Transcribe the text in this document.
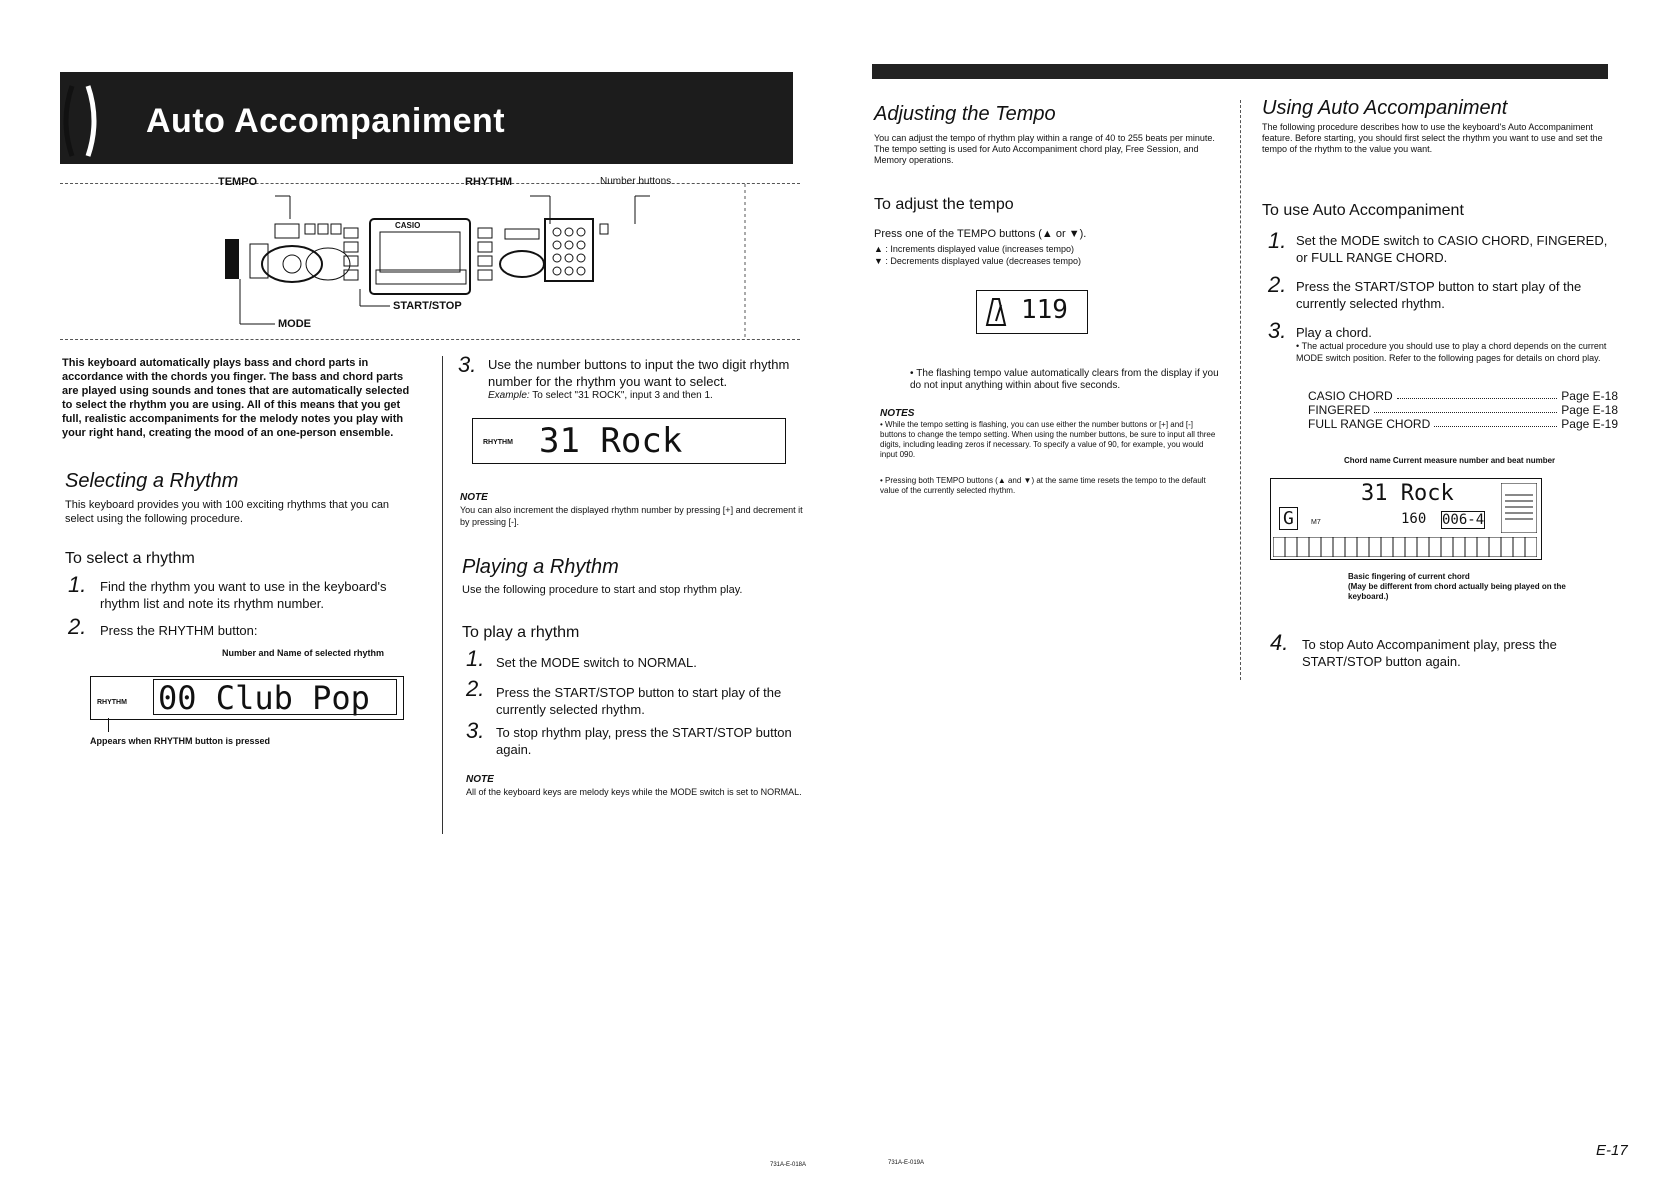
Auto Accompaniment
TEMPO	RHYTHM	Number buttons
START/STOP
MODE
CASIO
This keyboard automatically plays bass and chord parts in accordance with the chords you finger. The bass and chord parts are played using sounds and tones that are automatically selected to select the rhythm you are using. All of this means that you get full, realistic accompaniments for the melody notes you play with your right hand, creating the mood of an one-person ensemble.
Selecting a Rhythm
This keyboard provides you with 100 exciting rhythms that you can select using the following procedure.
To select a rhythm
1. Find the rhythm you want to use in the keyboard's rhythm list and note its rhythm number.
2. Press the RHYTHM button:
Number and Name of selected rhythm
RHYTHM 00 Club Pop
Appears when RHYTHM button is pressed
3. Use the number buttons to input the two digit rhythm number for the rhythm you want to select.
Example: To select "31 ROCK", input 3 and then 1.
RHYTHM 31 Rock
NOTE
You can also increment the displayed rhythm number by pressing [+] and decrement it by pressing [-].
Playing a Rhythm
Use the following procedure to start and stop rhythm play.
To play a rhythm
1. Set the MODE switch to NORMAL.
2. Press the START/STOP button to start play of the currently selected rhythm.
3. To stop rhythm play, press the START/STOP button again.
NOTE
All of the keyboard keys are melody keys while the MODE switch is set to NORMAL.
731A-E-018A
Adjusting the Tempo
You can adjust the tempo of rhythm play within a range of 40 to 255 beats per minute. The tempo setting is used for Auto Accompaniment chord play, Free Session, and Memory operations.
To adjust the tempo
Press one of the TEMPO buttons (▲ or ▼).
▲ : Increments displayed value (increases tempo)
▼ : Decrements displayed value (decreases tempo)
119
• The flashing tempo value automatically clears from the display if you do not input anything within about five seconds.
NOTES
• While the tempo setting is flashing, you can use either the number buttons or [+] and [-] buttons to change the tempo setting. When using the number buttons, be sure to input all three digits, including leading zeros if necessary. To specify a value of 90, for example, you would input 090.
• Pressing both TEMPO buttons (▲ and ▼) at the same time resets the tempo to the default value of the currently selected rhythm.
Using Auto Accompaniment
The following procedure describes how to use the keyboard's Auto Accompaniment feature. Before starting, you should first select the rhythm you want to use and set the tempo of the rhythm to the value you want.
To use Auto Accompaniment
1. Set the MODE switch to CASIO CHORD, FINGERED, or FULL RANGE CHORD.
2. Press the START/STOP button to start play of the currently selected rhythm.
3. Play a chord.
• The actual procedure you should use to play a chord depends on the current MODE switch position. Refer to the following pages for details on chord play.
CASIO CHORD	Page E-18
FINGERED	Page E-18
FULL RANGE CHORD	Page E-19
Chord name Current measure number and beat number
31 Rock
G	M7	160 006-4
Basic fingering of current chord
(May be different from chord actually being played on the keyboard.)
4. To stop Auto Accompaniment play, press the START/STOP button again.
731A-E-019A
E-17
